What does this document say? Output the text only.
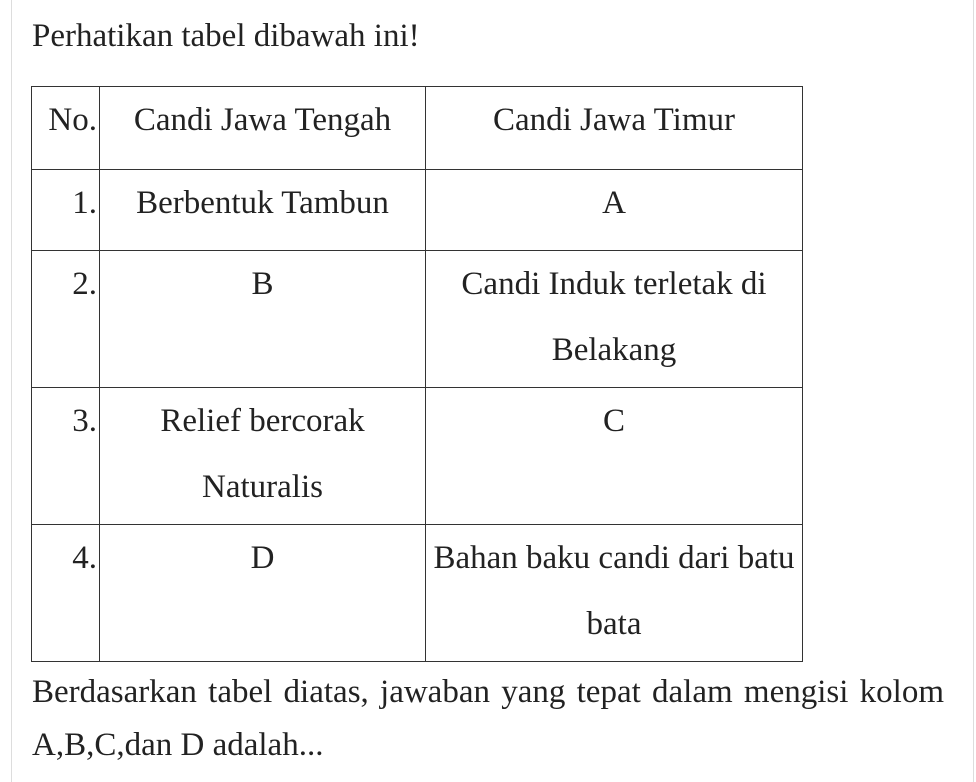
Perhatikan tabel dibawah ini!
No.	Candi Jawa Tengah	Candi Jawa Timur
1.	Berbentuk Tambun	A
2.	B	Candi Induk terletak di Belakang
3.	Relief bercorak Naturalis	C
4.	D	Bahan baku candi dari batu bata
Berdasarkan tabel diatas, jawaban yang tepat dalam mengisi kolom A,B,C,dan D adalah...
